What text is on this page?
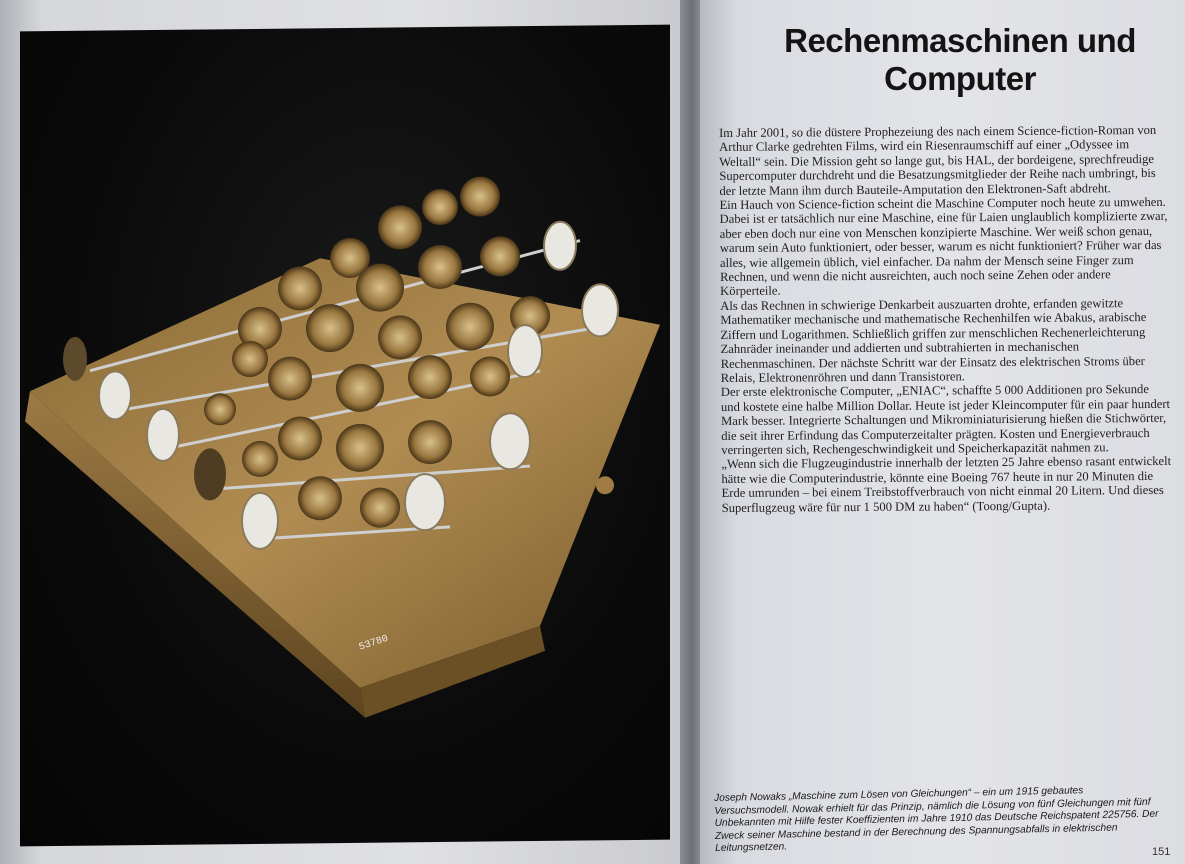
53780
Rechenmaschinen und
Computer

Im Jahr 2001, so die düstere Prophezeiung des nach einem Science-fiction-Roman von Arthur Clarke gedrehten Films, wird ein Riesenraumschiff auf einer „Odyssee im Weltall“ sein. Die Mission geht so lange gut, bis HAL, der bordeigene, sprechfreudige Supercomputer durchdreht und die Besatzungsmitglieder der Reihe nach umbringt, bis der letzte Mann ihm durch Bauteile-Amputation den Elektronen-Saft abdreht.

Ein Hauch von Science-fiction scheint die Maschine Computer noch heute zu umwehen. Dabei ist er tatsächlich nur eine Maschine, eine für Laien unglaublich komplizierte zwar, aber eben doch nur eine von Menschen konzipierte Maschine. Wer weiß schon genau, warum sein Auto funktioniert, oder besser, warum es nicht funktioniert? Früher war das alles, wie allgemein üblich, viel einfacher. Da nahm der Mensch seine Finger zum Rechnen, und wenn die nicht ausreichten, auch noch seine Zehen oder andere Körperteile.

Als das Rechnen in schwierige Denkarbeit auszuarten drohte, erfanden gewitzte Mathematiker mechanische und mathematische Rechenhilfen wie Abakus, arabische Ziffern und Logarithmen. Schließlich griffen zur menschlichen Rechenerleichterung Zahnräder ineinander und addierten und subtrahierten in mechanischen Rechenmaschinen. Der nächste Schritt war der Einsatz des elektrischen Stroms über Relais, Elektronenröhren und dann Transistoren.

Der erste elektronische Computer, „ENIAC“, schaffte 5 000 Additionen pro Sekunde und kostete eine halbe Million Dollar. Heute ist jeder Kleincomputer für ein paar hundert Mark besser. Integrierte Schaltungen und Mikrominiaturisierung hießen die Stichwörter, die seit ihrer Erfindung das Computerzeitalter prägten. Kosten und Energieverbrauch verringerten sich, Rechengeschwindigkeit und Speicherkapazität nahmen zu.

„Wenn sich die Flugzeugindustrie innerhalb der letzten 25 Jahre ebenso rasant entwickelt hätte wie die Computerindustrie, könnte eine Boeing 767 heute in nur 20 Minuten die Erde umrunden – bei einem Treibstoffverbrauch von nicht einmal 20 Litern. Und dieses Superflugzeug wäre für nur 1 500 DM zu haben“ (Toong/Gupta).

Joseph Nowaks „Maschine zum Lösen von Gleichungen“ – ein um 1915 gebautes Versuchsmodell. Nowak erhielt für das Prinzip, nämlich die Lösung von fünf Gleichungen mit fünf Unbekannten mit Hilfe fester Koeffizienten im Jahre 1910 das Deutsche Reichspatent 225756. Der Zweck seiner Maschine bestand in der Berechnung des Spannungsabfalls in elektrischen Leitungsnetzen.	151
